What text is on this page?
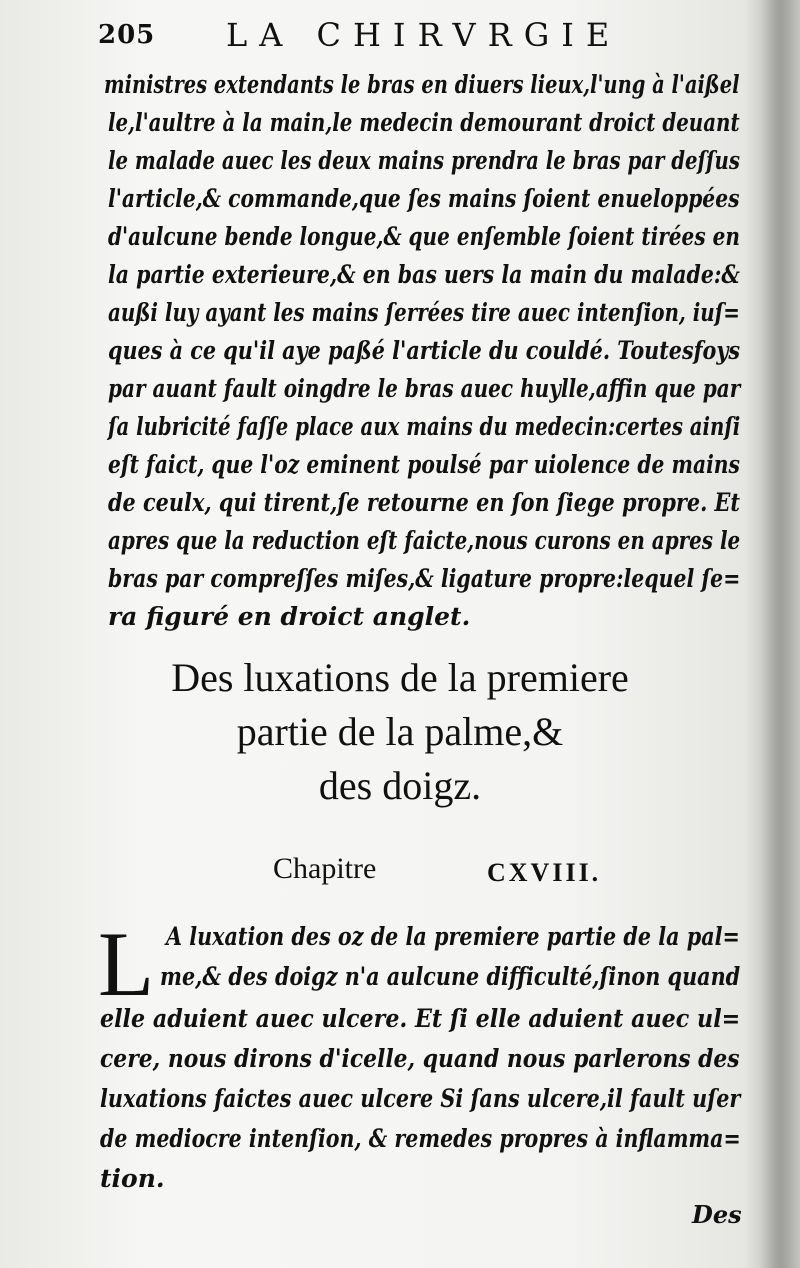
205 LA CHIRVRGIE
ministres extendants le bras en diuers lieux,l'ung à l'aißel
le,l'aultre à la main,le medecin demourant droict deuant
le malade auec les deux mains prendra le bras par deſſus
l'article,& commande,que ſes mains ſoient enueloppées
d'aulcune bende longue,& que enſemble ſoient tirées en
la partie exterieure,& en bas uers la main du malade:&
außi luy ayant les mains ſerrées tire auec intenſion, iuſ=
ques à ce qu'il aye paßé l'article du couldé. Toutesfoys
par auant fault oingdre le bras auec huylle,affin que par
ſa lubricité faſſe place aux mains du medecin:certes ainſi
eſt faict, que l'oz eminent poulsé par uiolence de mains
de ceulx, qui tirent,ſe retourne en ſon ſiege propre. Et
apres que la reduction eſt faicte,nous curons en apres le
bras par compreſſes miſes,& ligature propre:lequel ſe=
ra figuré en droict anglet.
Des luxations de la premiere
partie de la palme,&
des doigz.
Chapitre	CXVIII.
L A luxation des oz de la premiere partie de la pal=
me,& des doigz n'a aulcune difficulté,ſinon quand
elle aduient auec ulcere. Et ſi elle aduient auec ul=
cere, nous dirons d'icelle, quand nous parlerons des
luxations faictes auec ulcere Si ſans ulcere,il fault uſer
de mediocre intenſion, & remedes propres à inflamma=
tion.
Des
